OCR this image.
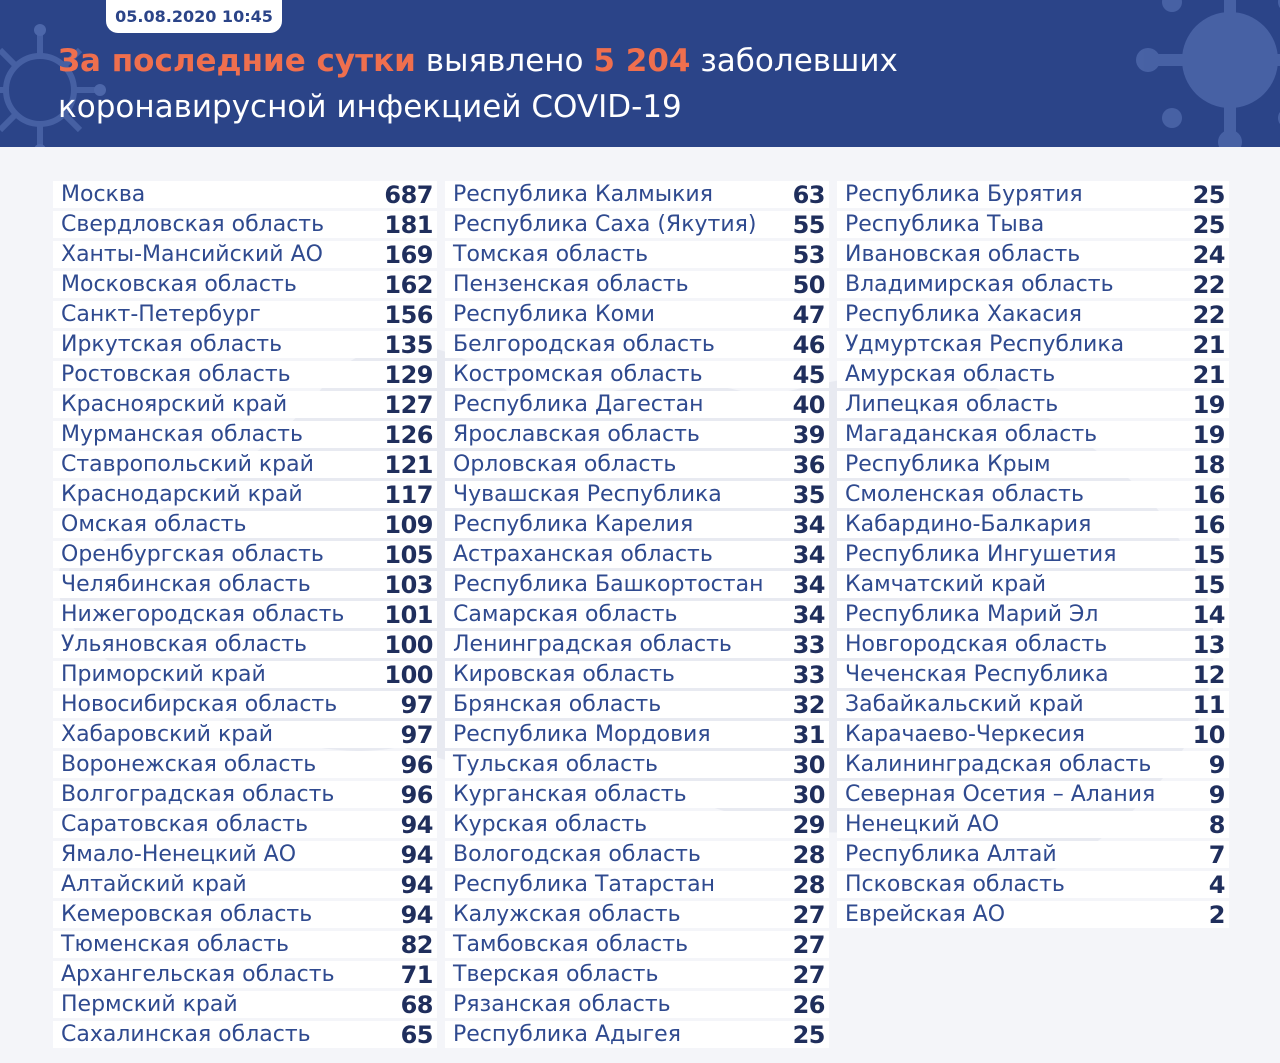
05.08.2020 10:45
За последние сутки выявлено 5 204 заболевших
коронавирусной инфекцией COVID-19
Москва	687
Свердловская область	181
Ханты-Мансийский АО	169
Московская область	162
Санкт-Петербург	156
Иркутская область	135
Ростовская область	129
Красноярский край	127
Мурманская область	126
Ставропольский край	121
Краснодарский край	117
Омская область	109
Оренбургская область	105
Челябинская область	103
Нижегородская область 101
Ульяновская область	100
Приморский край	100
Новосибирская область	97
Хабаровский край	97
Воронежская область	96
Волгоградская область	96
Саратовская область	94
Ямало-Ненецкий АО	94
Алтайский край	94
Кемеровская область	94
Тюменская область	82
Архангельская область	71
Пермский край	68
Сахалинская область	65
Республика Калмыкия	63
Республика Саха (Якутия) 55
Томская область	53
Пензенская область	50
Республика Коми	47
Белгородская область	46
Костромская область	45
Республика Дагестан	40
Ярославская область	39
Орловская область	36
Чувашская Республика	35
Республика Карелия	34
Астраханская область	34
Республика Башкортостан 34
Самарская область	34
Ленинградская область	33
Кировская область	33
Брянская область	32
Республика Мордовия	31
Тульская область	30
Курганская область	30
Курская область	29
Вологодская область	28
Республика Татарстан	28
Калужская область	27
Тамбовская область	27
Тверская область	27
Рязанская область	26
Республика Адыгея	25
Республика Бурятия	25
Республика Тыва	25
Ивановская область	24
Владимирская область	22
Республика Хакасия	22
Удмуртская Республика	21
Амурская область	21
Липецкая область	19
Магаданская область	19
Республика Крым	18
Смоленская область	16
Кабардино-Балкария	16
Республика Ингушетия	15
Камчатский край	15
Республика Марий Эл	14
Новгородская область	13
Чеченская Республика	12
Забайкальский край	11
Карачаево-Черкесия	10
Калининградская область 9
Северная Осетия – Алания 9
Ненецкий АО	8
Республика Алтай	7
Псковская область	4
Еврейская АО	2
